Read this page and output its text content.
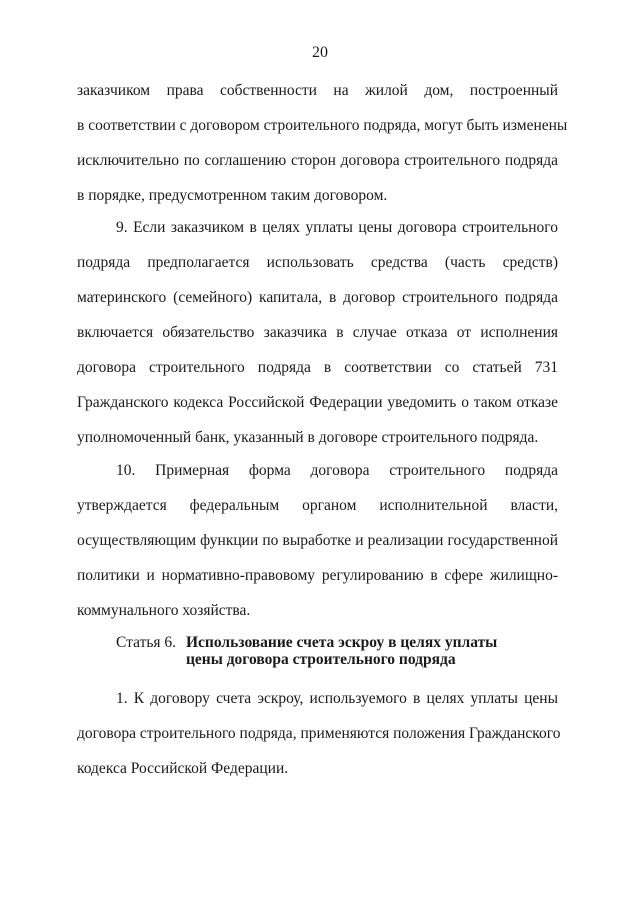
20
заказчиком права собственности на жилой дом, построенный
в соответствии с договором строительного подряда, могут быть изменены
исключительно по соглашению сторон договора строительного подряда
в порядке, предусмотренном таким договором.
9. Если заказчиком в целях уплаты цены договора строительного
подряда предполагается использовать средства (часть средств)
материнского (семейного) капитала, в договор строительного подряда
включается обязательство заказчика в случае отказа от исполнения
договора строительного подряда в соответствии со статьей 731
Гражданского кодекса Российской Федерации уведомить о таком отказе
уполномоченный банк, указанный в договоре строительного подряда.
10. Примерная форма договора строительного подряда
утверждается федеральным органом исполнительной власти,
осуществляющим функции по выработке и реализации государственной
политики и нормативно-правовому регулированию в сфере жилищно-
коммунального хозяйства.
Статья 6. Использование счета эскроу в целях уплаты
цены договора строительного подряда
1. К договору счета эскроу, используемого в целях уплаты цены
договора строительного подряда, применяются положения Гражданского
кодекса Российской Федерации.
